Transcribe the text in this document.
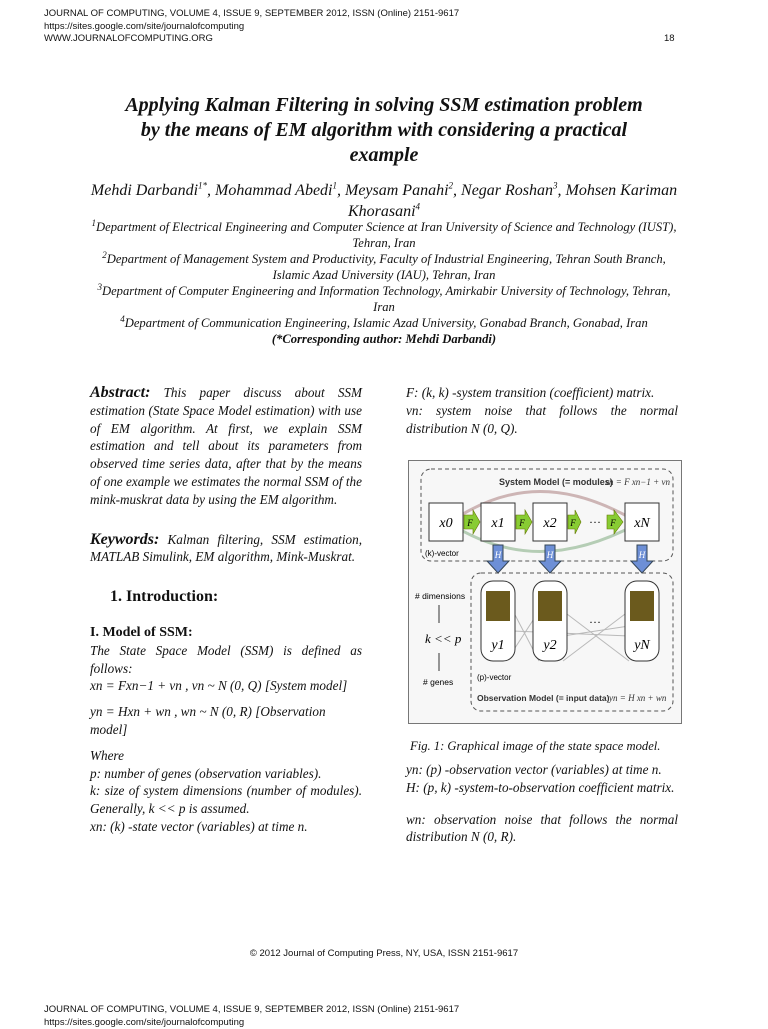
JOURNAL OF COMPUTING, VOLUME 4, ISSUE 9, SEPTEMBER 2012, ISSN (Online) 2151-9617
https://sites.google.com/site/journalofcomputing
WWW.JOURNALOFCOMPUTING.ORG	18
Applying Kalman Filtering in solving SSM estimation problem
by the means of EM algorithm with considering a practical
example
Mehdi Darbandi$^{1*}$, Mohammad Abedi$^1$, Meysam Panahi$^2$, Negar Roshan$^3$, Mohsen Kariman Khorasani$^4$
$^1$Department of Electrical Engineering and Computer Science at Iran University of Science and Technology (IUST), Tehran, Iran
$^2$Department of Management System and Productivity, Faculty of Industrial Engineering, Tehran South Branch, Islamic Azad University (IAU), Tehran, Iran
$^3$Department of Computer Engineering and Information Technology, Amirkabir University of Technology, Tehran, Iran
$^4$Department of Communication Engineering, Islamic Azad University, Gonabad Branch, Gonabad, Iran
(*Corresponding author: Mehdi Darbandi)

Abstract: This paper discuss about SSM estimation (State Space Model estimation) with use of EM algorithm. At first, we explain SSM estimation and tell about its parameters from observed time series data, after that by the means of one example we estimates the normal SSM of the mink-muskrat data by using the EM algorithm.

Keywords: Kalman filtering, SSM estimation, MATLAB Simulink, EM algorithm, Mink-Muskrat.

1. Introduction:

I. Model of SSM:

The State Space Model (SSM) is defined as follows:

xn = Fxn−1 + vn , vn ~ N (0, Q) [System model]

yn = Hxn + wn , wn ~ N (0, R) [Observation model]

Where

p: number of genes (observation variables).

k: size of system dimensions (number of modules). Generally, k << p is assumed.

xn: (k) -state vector (variables) at time n.

F: (k, k) -system transition (coefficient) matrix.

vn: system noise that follows the normal distribution N (0, Q).

System Model (= modules)
xn = F xn−1 + vn
x0	x1	x2	xN
F	F	F ··· F
(k)-vector	H	H	H
# dimensions
k << p
# genes
y1	y2
···
yN
(p)-vector
Observation Model (= input data) yn = H xn + wn
Fig. 1: Graphical image of the state space model.

yn: (p) -observation vector (variables) at time n.

H: (p, k) -system-to-observation coefficient matrix.

wn: observation noise that follows the normal distribution N (0, R).

© 2012 Journal of Computing Press, NY, USA, ISSN 2151-9617
JOURNAL OF COMPUTING, VOLUME 4, ISSUE 9, SEPTEMBER 2012, ISSN (Online) 2151-9617
https://sites.google.com/site/journalofcomputing
